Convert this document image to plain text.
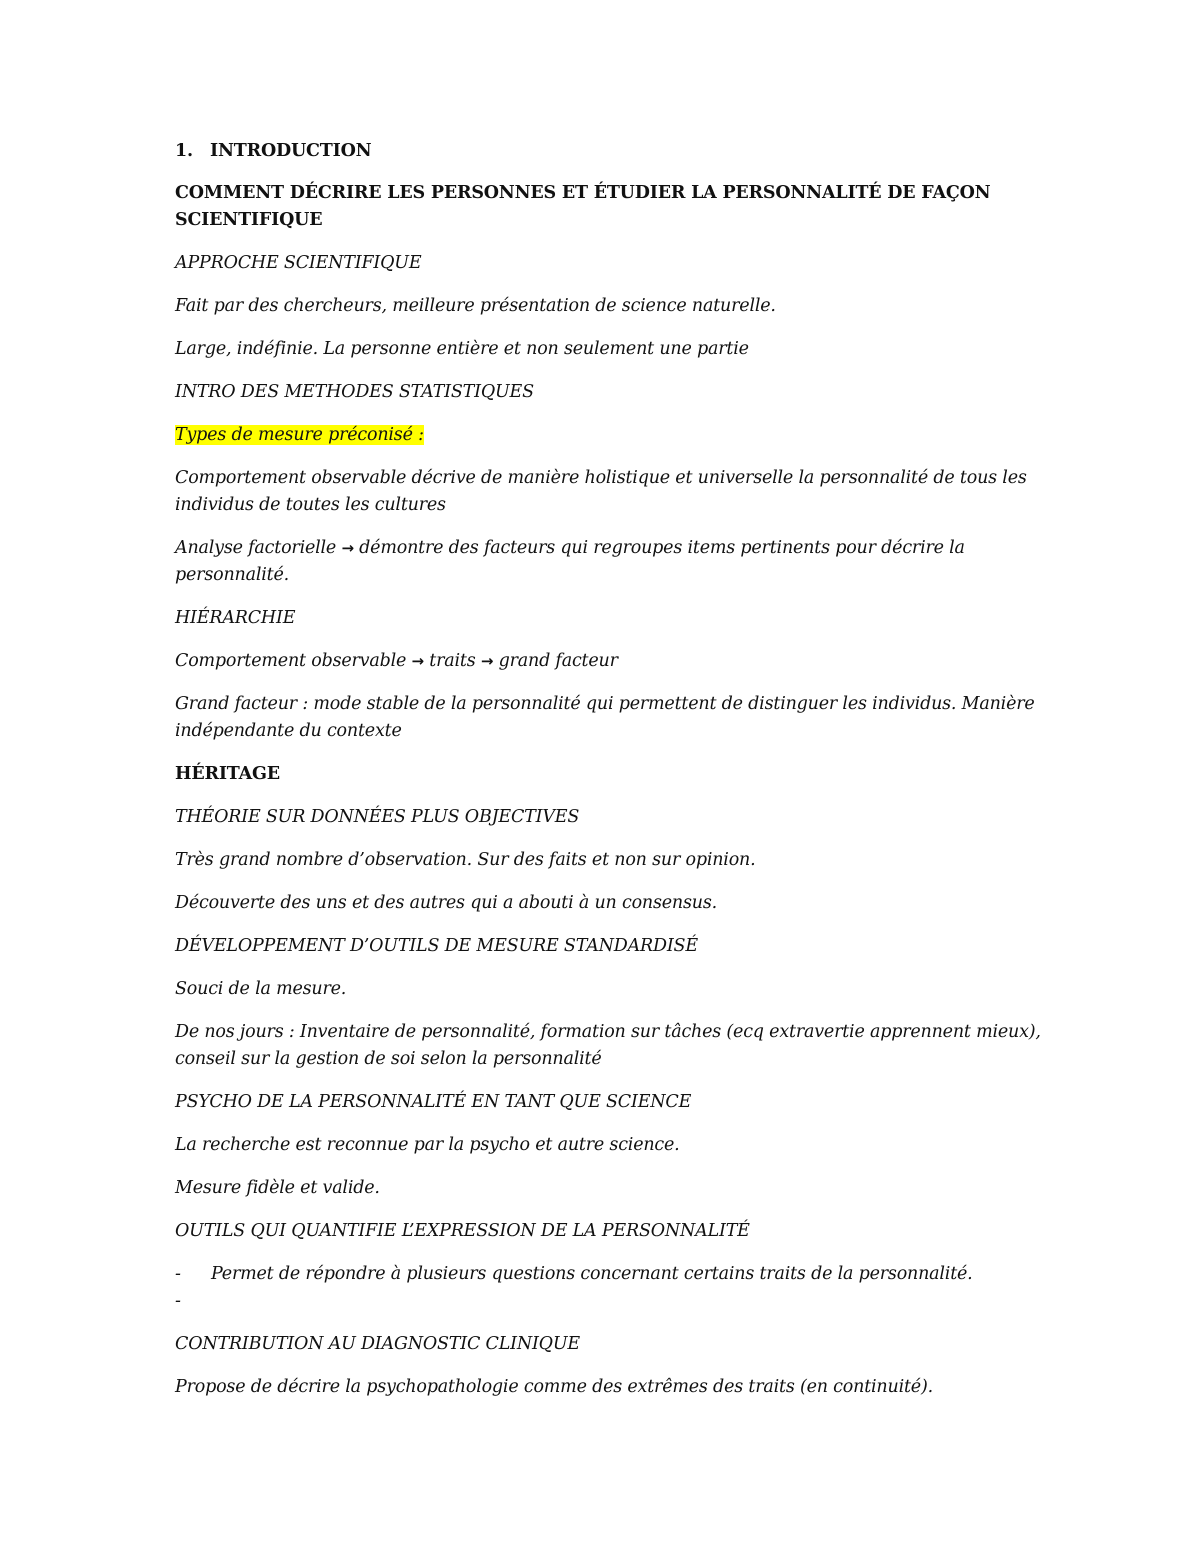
1. INTRODUCTION

COMMENT DÉCRIRE LES PERSONNES ET ÉTUDIER LA PERSONNALITÉ DE FAÇON SCIENTIFIQUE

APPROCHE SCIENTIFIQUE

Fait par des chercheurs, meilleure présentation de science naturelle.

Large, indéfinie. La personne entière et non seulement une partie

INTRO DES METHODES STATISTIQUES

Types de mesure préconisé :

Comportement observable décrive de manière holistique et universelle la personnalité de tous les individus de toutes les cultures

Analyse factorielle → démontre des facteurs qui regroupes items pertinents pour décrire la personnalité.

HIÉRARCHIE

Comportement observable → traits → grand facteur

Grand facteur : mode stable de la personnalité qui permettent de distinguer les individus. Manière indépendante du contexte

HÉRITAGE

THÉORIE SUR DONNÉES PLUS OBJECTIVES

Très grand nombre d’observation. Sur des faits et non sur opinion.

Découverte des uns et des autres qui a abouti à un consensus.

DÉVELOPPEMENT D’OUTILS DE MESURE STANDARDISÉ

Souci de la mesure.

De nos jours : Inventaire de personnalité, formation sur tâches (ecq extravertie apprennent mieux), conseil sur la gestion de soi selon la personnalité

PSYCHO DE LA PERSONNALITÉ EN TANT QUE SCIENCE

La recherche est reconnue par la psycho et autre science.

Mesure fidèle et valide.

OUTILS QUI QUANTIFIE L’EXPRESSION DE LA PERSONNALITÉ

-	Permet de répondre à plusieurs questions concernant certains traits de la personnalité.
-

CONTRIBUTION AU DIAGNOSTIC CLINIQUE

Propose de décrire la psychopathologie comme des extrêmes des traits (en continuité).
